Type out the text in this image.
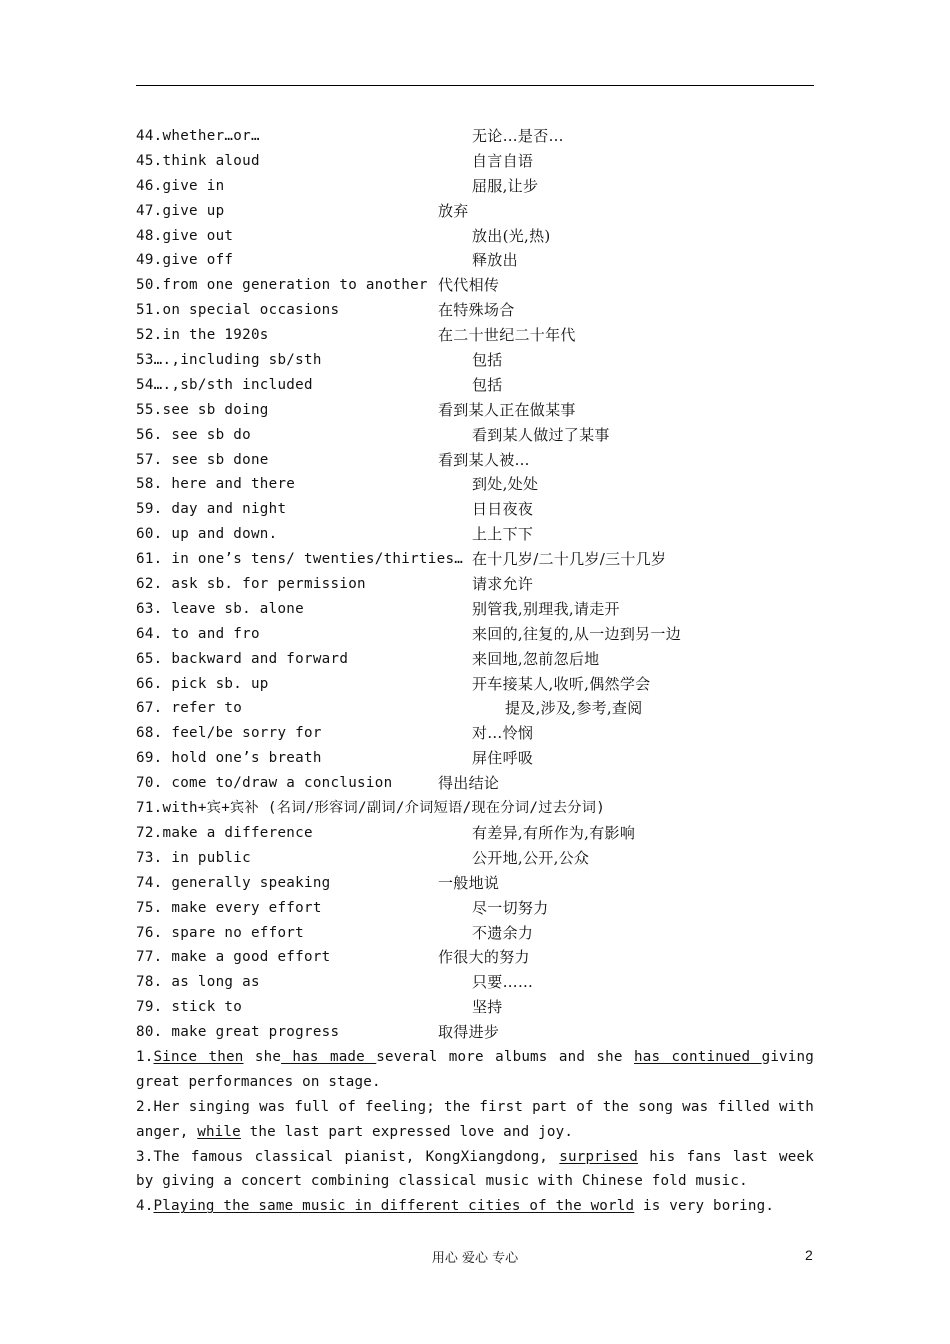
44.whether…or…	无论…是否…
45.think aloud	自言自语
46.give in	屈服,让步
47.give up	放弃
48.give out	放出(光,热)
49.give off	释放出
50.from one generation to another 代代相传
51.on special occasions	在特殊场合
52.in the 1920s	在二十世纪二十年代
53….,including sb/sth	包括
54….,sb/sth included	包括
55.see sb doing	看到某人正在做某事
56. see sb do	看到某人做过了某事
57. see sb done	看到某人被…
58. here and there	到处,处处
59. day and night	日日夜夜
60. up and down.	上上下下
61. in one’s tens/ twenties/thirties… 在十几岁/二十几岁/三十几岁
62. ask sb. for permission	请求允许
63. leave sb. alone	别管我,别理我,请走开
64. to and fro	来回的,往复的,从一边到另一边
65. backward and forward	来回地,忽前忽后地
66. pick sb. up	开车接某人,收听,偶然学会
67. refer to	提及,涉及,参考,查阅
68. feel/be sorry for	对…怜悯
69. hold one’s breath	屏住呼吸
70. come to/draw a conclusion	得出结论
71.with+宾+宾补 (名词/形容词/副词/介词短语/现在分词/过去分词)
72.make a difference	有差异,有所作为,有影响
73. in public	公开地,公开,公众
74. generally speaking	一般地说
75. make every effort	尽一切努力
76. spare no effort	不遗余力
77. make a good effort	作很大的努力
78. as long as	只要……
79. stick to	坚持
80. make great progress	取得进步
1.Since then she has made several more albums and she has continued giving great performances on stage.
2.Her singing was full of feeling; the first part of the song was filled with anger, while the last part expressed love and joy.
3.The famous classical pianist, KongXiangdong, surprised his fans last week by giving a concert combining classical music with Chinese fold music.
4.Playing the same music in different cities of the world is very boring.
用心 爱心 专心	2
